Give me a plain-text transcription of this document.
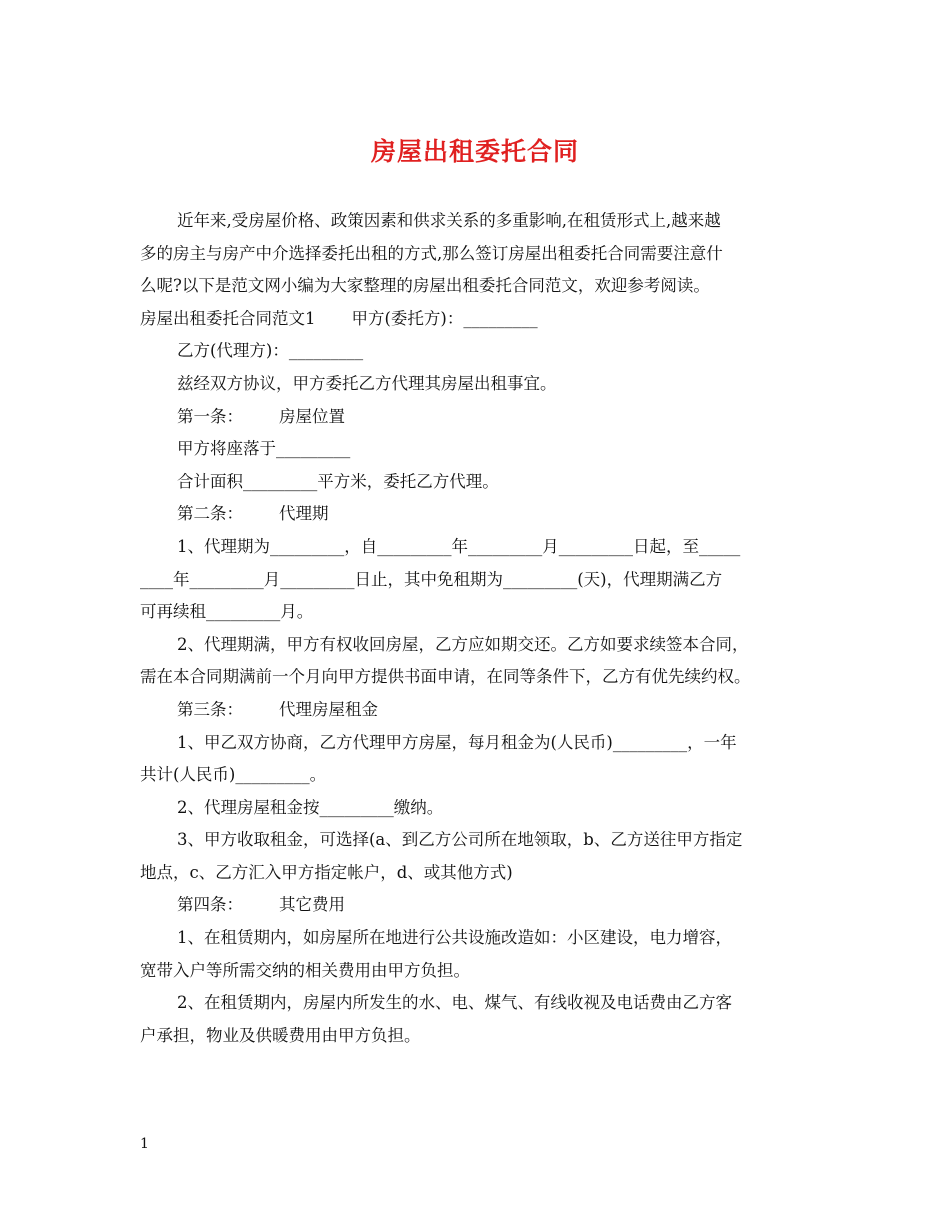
房屋出租委托合同
近年来,受房屋价格、政策因素和供求关系的多重影响,在租赁形式上,越来越
多的房主与房产中介选择委托出租的方式,那么签订房屋出租委托合同需要注意什
么呢?以下是范文网小编为大家整理的房屋出租委托合同范文，欢迎参考阅读。
房屋出租委托合同范文1 甲方(委托方)：_________
乙方(代理方)：_________
兹经双方协议，甲方委托乙方代理其房屋出租事宜。
第一条： 房屋位置
甲方将座落于_________
合计面积_________平方米，委托乙方代理。
第二条： 代理期
1、代理期为_________，自_________年_________月_________日起，至_____
____年_________月_________日止，其中免租期为_________(天)，代理期满乙方
可再续租_________月。
2、代理期满，甲方有权收回房屋，乙方应如期交还。乙方如要求续签本合同，
需在本合同期满前一个月向甲方提供书面申请，在同等条件下，乙方有优先续约权。
第三条： 代理房屋租金
1、甲乙双方协商，乙方代理甲方房屋，每月租金为(人民币)_________，一年
共计(人民币)_________。
2、代理房屋租金按_________缴纳。
3、甲方收取租金，可选择(a、到乙方公司所在地领取，b、乙方送往甲方指定
地点，c、乙方汇入甲方指定帐户，d、或其他方式)
第四条： 其它费用
1、在租赁期内，如房屋所在地进行公共设施改造如：小区建设，电力增容，
宽带入户等所需交纳的相关费用由甲方负担。
2、在租赁期内，房屋内所发生的水、电、煤气、有线收视及电话费由乙方客
户承担，物业及供暖费用由甲方负担。
1
